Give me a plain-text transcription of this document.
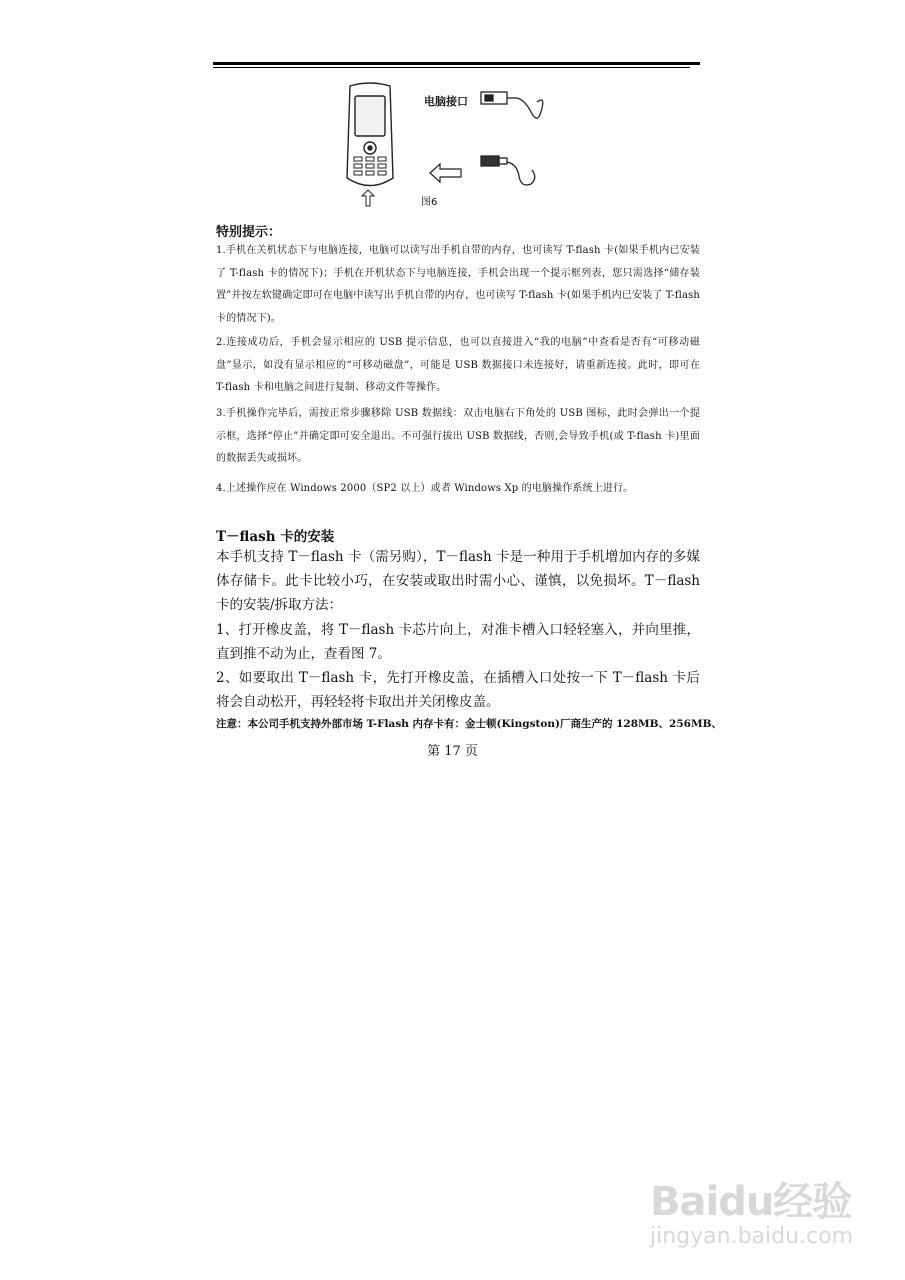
电脑接口
图6
特别提示：
1.手机在关机状态下与电脑连接，电脑可以读写出手机自带的内存，也可读写 T-flash 卡(如果手机内已安装了 T-flash 卡的情况下)；手机在开机状态下与电脑连接，手机会出现一个提示框列表，您只需选择“储存装置”并按左软键确定即可在电脑中读写出手机自带的内存，也可读写 T-flash 卡(如果手机内已安装了 T-flash 卡的情况下)。
2.连接成功后，手机会显示相应的 USB 提示信息，也可以直接进入“我的电脑”中查看是否有“可移动磁盘”显示，如没有显示相应的“可移动磁盘”，可能是 USB 数据接口未连接好，请重新连接。此时，即可在 T-flash 卡和电脑之间进行复制、移动文件等操作。
3.手机操作完毕后，需按正常步骤移除 USB 数据线：双击电脑右下角处的 USB 图标，此时会弹出一个提示框，选择“停止”并确定即可安全退出。不可强行拔出 USB 数据线，否则,会导致手机(或 T-flash 卡)里面的数据丢失或损坏。
4.上述操作应在 Windows 2000（SP2 以上）或者 Windows Xp 的电脑操作系统上进行。
T－flash 卡的安装
本手机支持 T－flash 卡（需另购），T－flash 卡是一种用于手机增加内存的多媒体存储卡。此卡比较小巧，在安装或取出时需小心、谨慎，以免损坏。T－flash 卡的安装/拆取方法：
1、打开橡皮盖，将 T－flash 卡芯片向上，对准卡槽入口轻轻塞入，并向里推，直到推不动为止，查看图 7。
2、如要取出 T－flash 卡，先打开橡皮盖，在插槽入口处按一下 T－flash 卡后将会自动松开，再轻轻将卡取出并关闭橡皮盖。
注意：本公司手机支持外部市场 T-Flash 内存卡有：金士顿(Kingston)厂商生产的 128MB、256MB、
第 17 页
Baidu经验
jingyan.baidu.com
